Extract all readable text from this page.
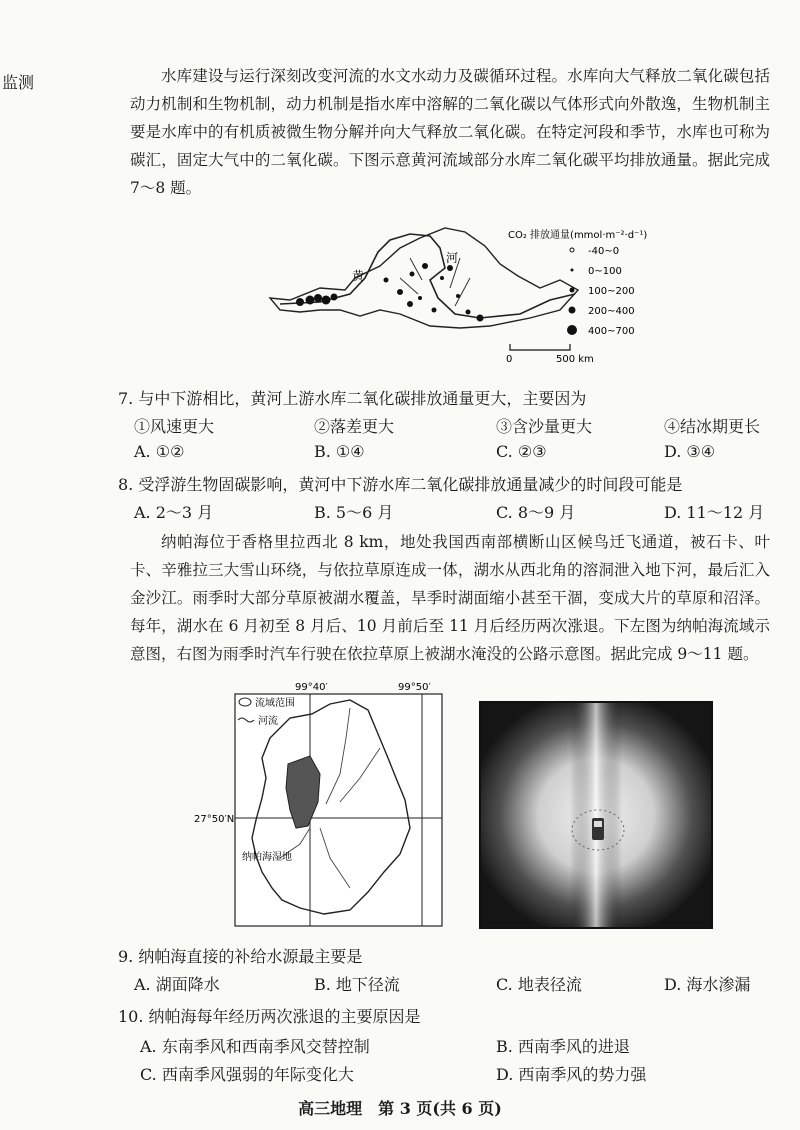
监测	水库建设与运行深刻改变河流的水文水动力及碳循环过程。水库向大气释放二氧化碳包括动力机制和生物机制，动力机制是指水库中溶解的二氧化碳以气体形式向外散逸，生物机制主要是水库中的有机质被微生物分解并向大气释放二氧化碳。在特定河段和季节，水库也可称为碳汇，固定大气中的二氧化碳。下图示意黄河流域部分水库二氧化碳平均排放通量。据此完成 7～8 题。

黄
河
CO₂ 排放通量(mmol·m⁻²·d⁻¹)
-40~0
0~100
100~200
200~400
400~700
0	500 km
7. 与中下游相比，黄河上游水库二氧化碳排放通量更大，主要因为
①风速更大	②落差更大	③含沙量更大	④结冰期更长
A. ①②	B. ①④	C. ②③	D. ③④
8. 受浮游生物固碳影响，黄河中下游水库二氧化碳排放通量减少的时间段可能是
A. 2～3 月	B. 5～6 月	C. 8～9 月	D. 11～12 月

纳帕海位于香格里拉西北 8 km，地处我国西南部横断山区候鸟迁飞通道，被石卡、叶卡、辛雅拉三大雪山环绕，与依拉草原连成一体，湖水从西北角的溶洞泄入地下河，最后汇入金沙江。雨季时大部分草原被湖水覆盖，旱季时湖面缩小甚至干涸，变成大片的草原和沼泽。每年，湖水在 6 月初至 8 月后、10 月前后至 11 月后经历两次涨退。下左图为纳帕海流域示意图，右图为雨季时汽车行驶在依拉草原上被湖水淹没的公路示意图。据此完成 9～11 题。

99°40′	99°50′
27°50′N
流域范围
河流
纳帕海湿地
9. 纳帕海直接的补给水源最主要是
A. 湖面降水	B. 地下径流	C. 地表径流	D. 海水渗漏
10. 纳帕海每年经历两次涨退的主要原因是
A. 东南季风和西南季风交替控制	B. 西南季风的进退
C. 西南季风强弱的年际变化大	D. 西南季风的势力强
高三地理　第 3 页(共 6 页)
